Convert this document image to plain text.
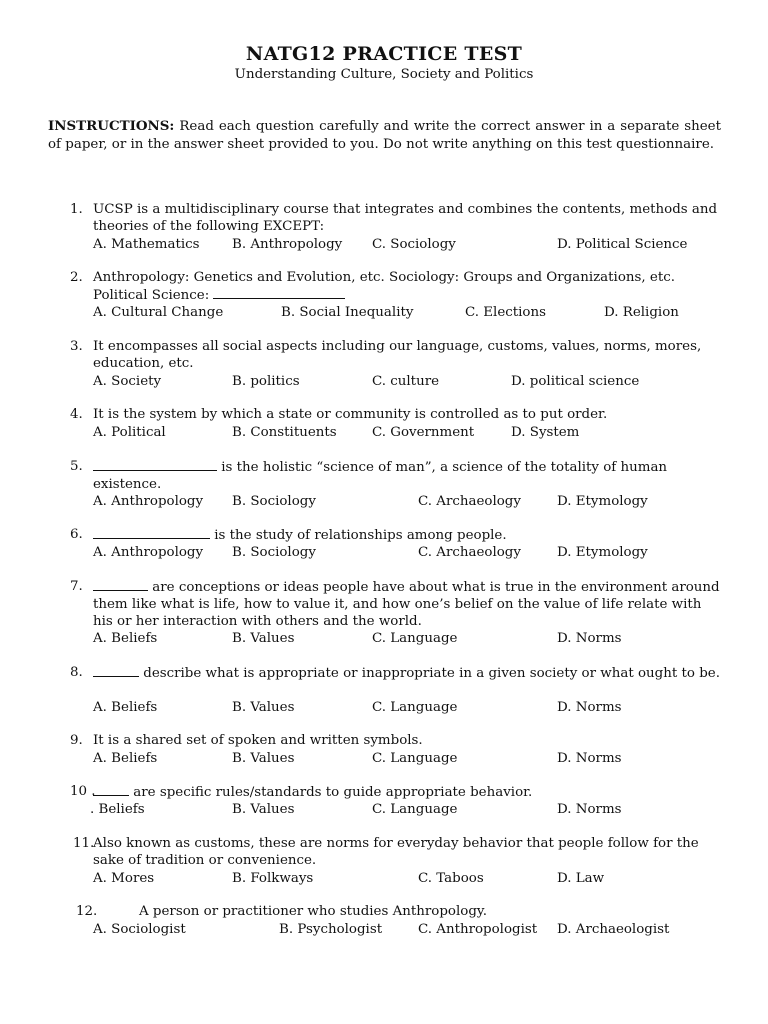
NATG12 PRACTICE TEST
Understanding Culture, Society and Politics
INSTRUCTIONS: Read each question carefully and write the correct answer in a separate sheet of paper, or in the answer sheet provided to you. Do not write anything on this test questionnaire.
1. UCSP is a multidisciplinary course that integrates and combines the contents, methods and theories of the following EXCEPT:
A. Mathematics B. Anthropology C. Sociology	D. Political Science
2. Anthropology: Genetics and Evolution, etc. Sociology: Groups and Organizations, etc. Political Science:
A. Cultural Change	B. Social Inequality	C. Elections	D. Religion
3. It encompasses all social aspects including our language, customs, values, norms, mores, education, etc.
A. Society	B. politics	C. culture	D. political science
4. It is the system by which a state or community is controlled as to put order.
A. Political	B. Constituents	C. Government	D. System
5.	is the holistic “science of man”, a science of the totality of human existence.
A. Anthropology B. Sociology	C. Archaeology	D. Etymology
6.	is the study of relationships among people.
A. Anthropology B. Sociology	C. Archaeology	D. Etymology
7.	are conceptions or ideas people have about what is true in the environment around them like what is life, how to value it, and how one’s belief on the value of life relate with his or her interaction with others and the world.
A. Beliefs	B. Values	C. Language	D. Norms
8.	describe what is appropriate or inappropriate in a given society or what ought to be.
A. Beliefs	B. Values	C. Language	D. Norms
9. It is a shared set of spoken and written symbols.
A. Beliefs	B. Values	C. Language	D. Norms
10 .	are specific rules/standards to guide appropriate behavior.
. Beliefs	B. Values	C. Language	D. Norms
11.
Also known as customs, these are norms for everyday behavior that people follow for the sake of tradition or convenience.
A. Mores	B. Folkways	C. Taboos	D. Law
12.	A person or practitioner who studies Anthropology.
A. Sociologist	B. Psychologist	C. Anthropologist D. Archaeologist
